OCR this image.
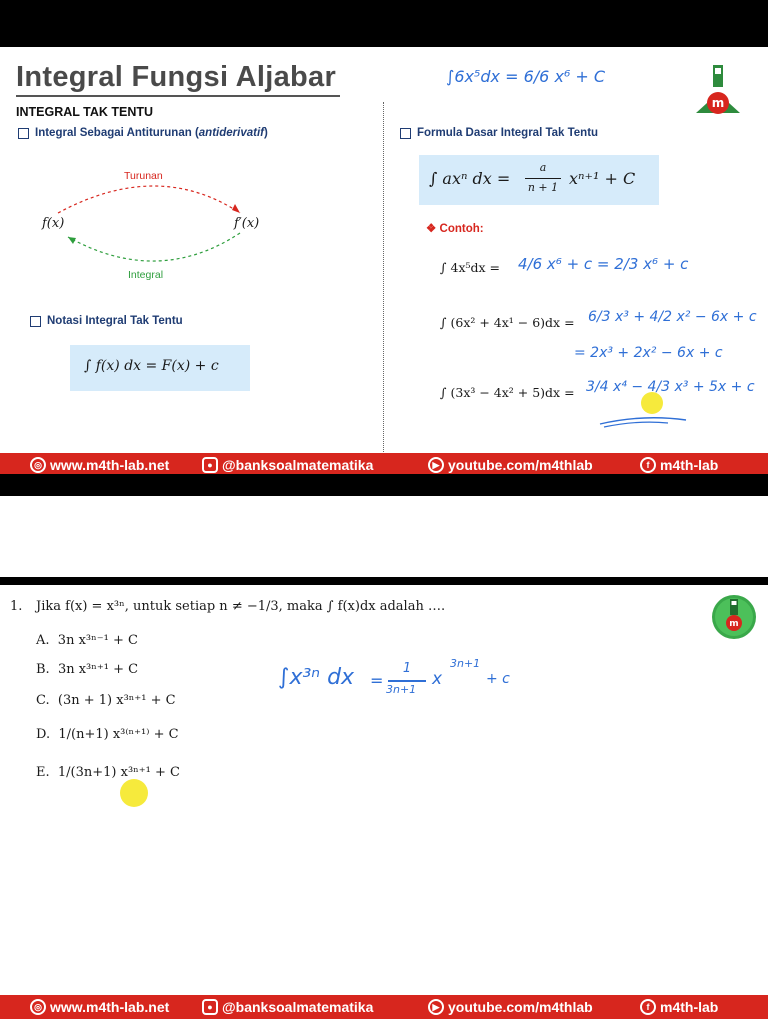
Integral Fungsi Aljabar	∫6x⁵dx = 6/6 x⁶ + C
m
INTEGRAL TAK TENTU
Integral Sebagai Antiturunan ( antiderivatif )
Turunan
Integral
f(x)	f′(x)
Notasi Integral Tak Tentu
∫ f(x) dx = F(x) + c
Formula Dasar Integral Tak Tentu
∫ axⁿ dx =
a
n + 1 xⁿ⁺¹ + C
❖ Contoh:
∫ 4x⁵dx = 4/6 x⁶ + c = 2/3 x⁶ + c
∫ (6x² + 4x¹ − 6)dx = 6/3 x³ + 4/2 x² − 6x + c
= 2x³ + 2x² − 6x + c
∫ (3x³ − 4x² + 5)dx = 3/4 x⁴ − 4/3 x³ + 5x + c
◎ www.m4th-lab.net	● @banksoalmatematika	▶ youtube.com/m4thlab	f m4th-lab
1. Jika f(x) = x³ⁿ, untuk setiap n ≠ −1/3, maka ∫ f(x)dx adalah ….
m
A. 3n x³ⁿ⁻¹ + C
B. 3n x³ⁿ⁺¹ + C
C. (3n + 1) x³ⁿ⁺¹ + C
D. 1/(n+1) x³⁽ⁿ⁺¹⁾ + C
E. 1/(3n+1) x³ⁿ⁺¹ + C
∫x³ⁿ dx =
1
3n+1
x
3n+1
+ c
◎ www.m4th-lab.net	● @banksoalmatematika	▶ youtube.com/m4thlab	f m4th-lab
